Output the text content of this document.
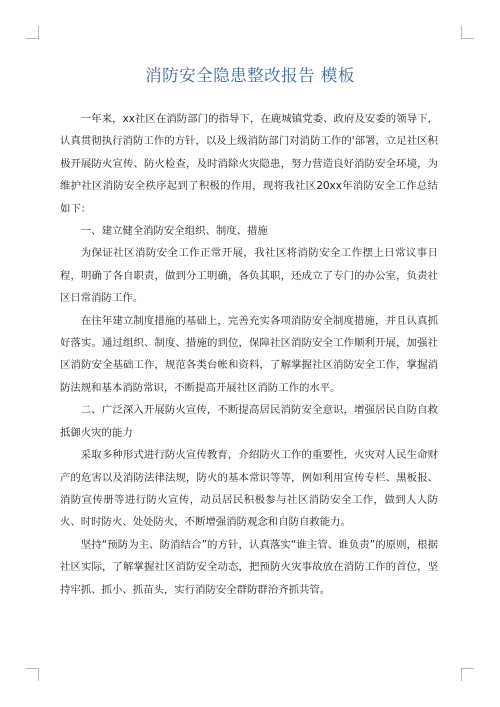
消防安全隐患整改报告 模板

一年来，xx社区在消防部门的指导下，在鹿城镇党委、政府及安委的领导下，认真贯彻执行消防工作的方针，以及上级消防部门对消防工作的'部署，立足社区积极开展防火宣传、防火检查，及时消除火灾隐患，努力营造良好消防安全环境，为维护社区消防安全秩序起到了积极的作用，现将我社区20xx年消防安全工作总结如下：

一、建立健全消防安全组织、制度、措施

为保证社区消防安全工作正常开展，我社区将消防安全工作摆上日常议事日程，明确了各自职责，做到分工明确，各负其职，还成立了专门的办公室，负责社区日常消防工作。

在往年建立制度措施的基础上，完善充实各项消防安全制度措施，并且认真抓好落实。通过组织、制度、措施的到位，保障社区消防安全工作顺利开展，加强社区消防安全基础工作，规范各类台帐和资料，了解掌握社区消防安全工作，掌握消防法规和基本消防常识，不断提高开展社区消防工作的水平。

二、广泛深入开展防火宣传，不断提高居民消防安全意识，增强居民自防自救抵御火灾的能力

采取多种形式进行防火宣传教育，介绍防火工作的重要性，火灾对人民生命财产的危害以及消防法律法规，防火的基本常识等等，例如利用宣传专栏、黑板报、消防宣传册等进行防火宣传，动员居民积极参与社区消防安全工作，做到人人防火、时时防火、处处防火，不断增强消防观念和自防自救能力。

坚持“预防为主、防消结合”的方针，认真落实“谁主管、谁负责”的原则，根据社区实际，了解掌握社区消防安全动态，把预防火灾事故放在消防工作的首位，坚持牢抓、抓小、抓苗头，实行消防安全群防群治齐抓共管。
